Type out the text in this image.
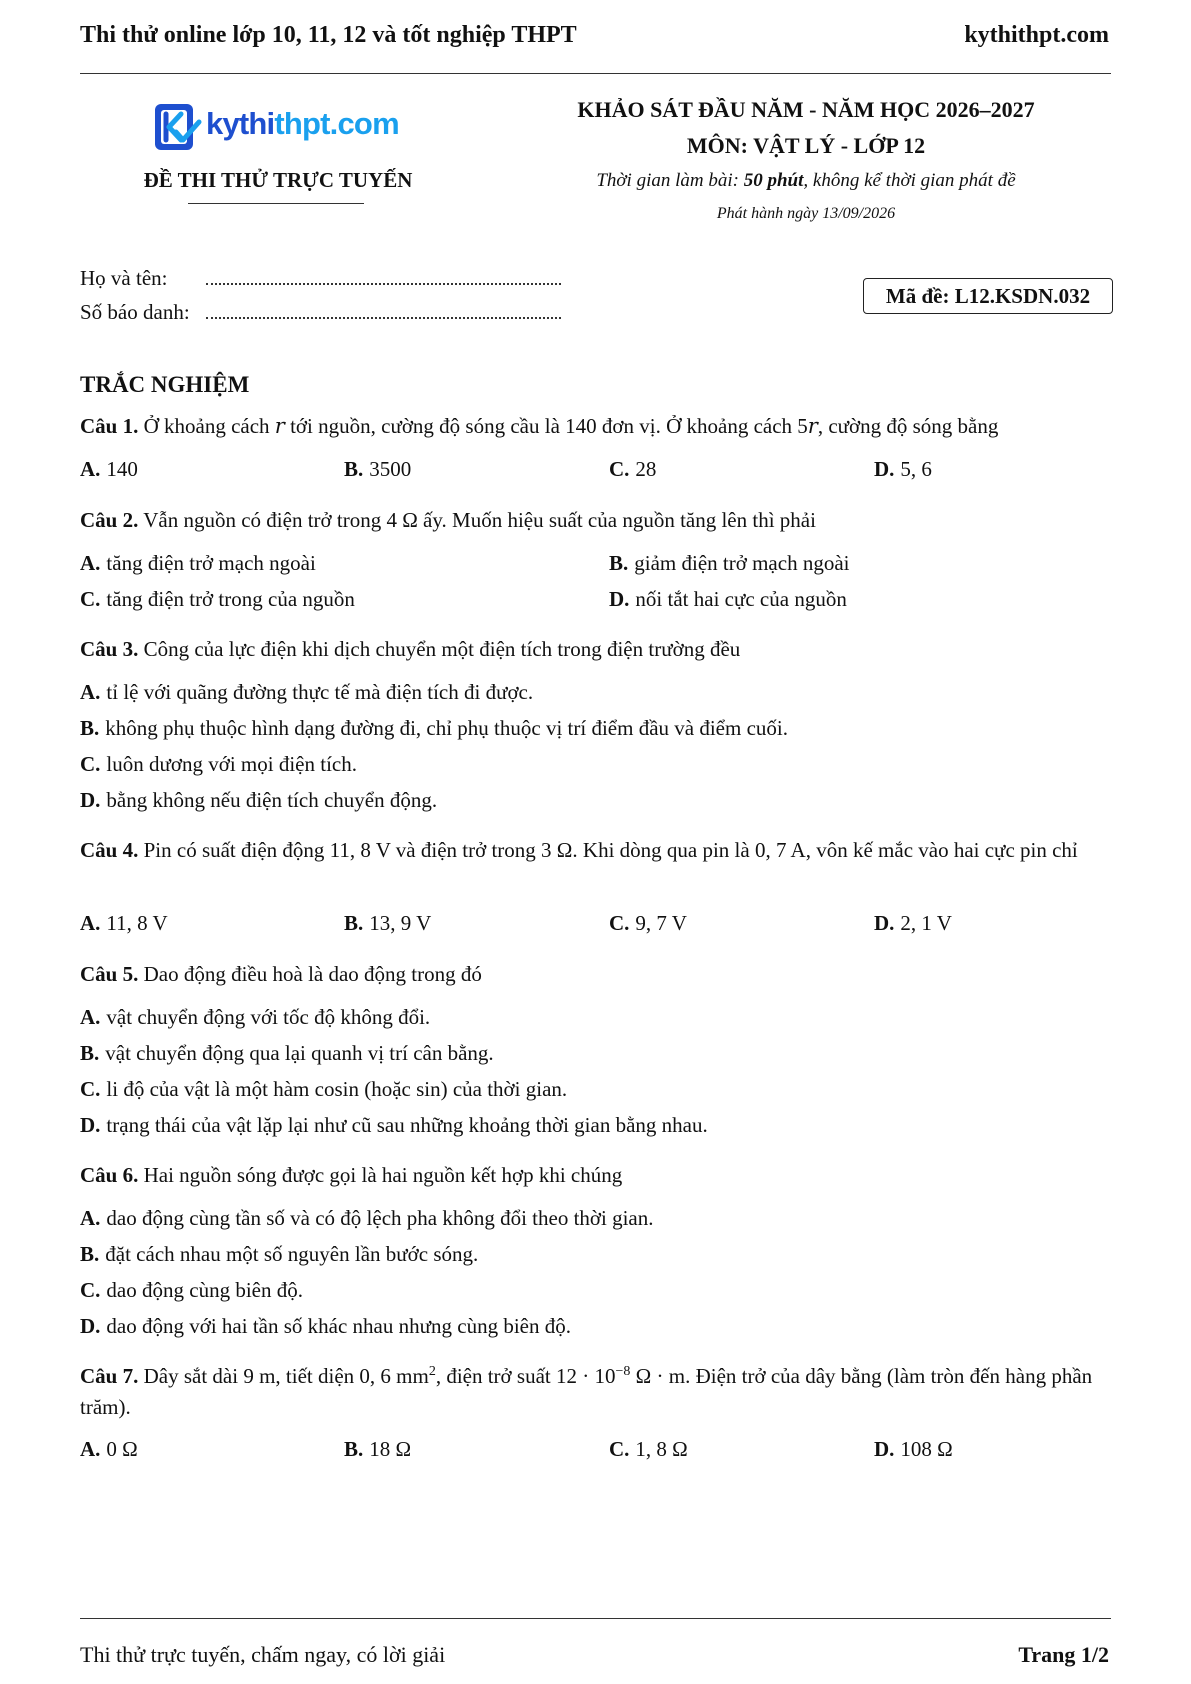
Thi thử online lớp 10, 11, 12 và tốt nghiệp THPT	kythithpt.com
kythithpt.com
ĐỀ THI THỬ TRỰC TUYẾN
KHẢO SÁT ĐẦU NĂM - NĂM HỌC 2026–2027
MÔN: VẬT LÝ - LỚP 12
Thời gian làm bài: 50 phút, không kể thời gian phát đề
Phát hành ngày 13/09/2026
Họ và tên:
Số báo danh:
Mã đề: L12.KSDN.032
TRẮC NGHIỆM
Câu 1. Ở khoảng cách 𝑟 tới nguồn, cường độ sóng cầu là 140 đơn vị. Ở khoảng cách 5𝑟, cường độ sóng bằng
A. 140	B. 3500	C. 28	D. 5, 6
Câu 2. Vẫn nguồn có điện trở trong 4 Ω ấy. Muốn hiệu suất của nguồn tăng lên thì phải
A. tăng điện trở mạch ngoài	B. giảm điện trở mạch ngoài
C. tăng điện trở trong của nguồn	D. nối tắt hai cực của nguồn
Câu 3. Công của lực điện khi dịch chuyển một điện tích trong điện trường đều
A. tỉ lệ với quãng đường thực tế mà điện tích đi được.
B. không phụ thuộc hình dạng đường đi, chỉ phụ thuộc vị trí điểm đầu và điểm cuối.
C. luôn dương với mọi điện tích.
D. bằng không nếu điện tích chuyển động.
Câu 4. Pin có suất điện động 11, 8 V và điện trở trong 3 Ω. Khi dòng qua pin là 0, 7 A, vôn kế mắc vào hai cực pin chỉ
A. 11, 8 V	B. 13, 9 V	C. 9, 7 V	D. 2, 1 V
Câu 5. Dao động điều hoà là dao động trong đó
A. vật chuyển động với tốc độ không đổi.
B. vật chuyển động qua lại quanh vị trí cân bằng.
C. li độ của vật là một hàm cosin (hoặc sin) của thời gian.
D. trạng thái của vật lặp lại như cũ sau những khoảng thời gian bằng nhau.
Câu 6. Hai nguồn sóng được gọi là hai nguồn kết hợp khi chúng
A. dao động cùng tần số và có độ lệch pha không đổi theo thời gian.
B. đặt cách nhau một số nguyên lần bước sóng.
C. dao động cùng biên độ.
D. dao động với hai tần số khác nhau nhưng cùng biên độ.
Câu 7. Dây sắt dài 9 m, tiết diện 0, 6 $mm^2$, điện trở suất $12 \cdot 10^{-8}$ Ω · m. Điện trở của dây bằng (làm tròn đến hàng phần trăm).
A. 0 Ω	B. 18 Ω	C. 1, 8 Ω	D. 108 Ω
Thi thử trực tuyến, chấm ngay, có lời giải	Trang 1/2
